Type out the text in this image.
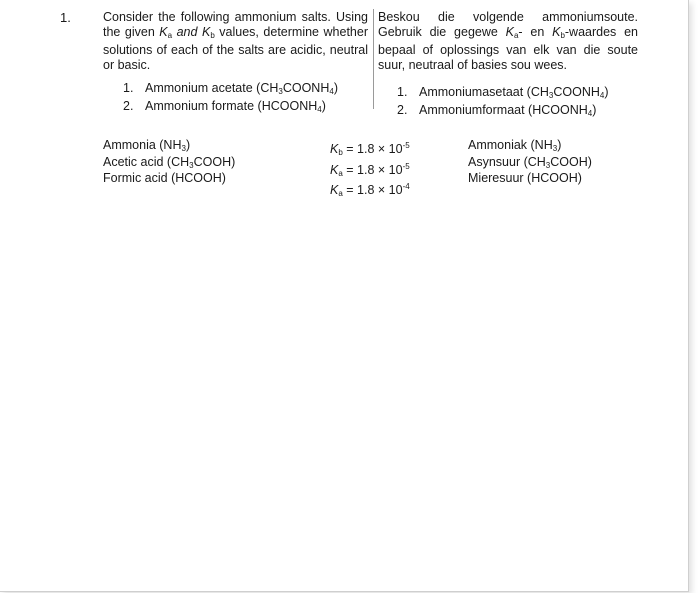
1.	Consider the following ammonium salts. Using the given $K_a$ and $K_b$ values, determine whether solutions of each of the salts are acidic, neutral or basic.
Beskou die volgende ammoniumsoute. Gebruik die gegewe $K_a-$ en $K_b$-waardes en bepaal of oplossings van elk van die soute suur, neutraal of basies sou wees.
1. Ammonium acetate $(CH_3COONH_4)$
2. Ammonium formate $(HCOONH_4)$
1. Ammoniumasetaat $(CH_3COONH_4)$
2. Ammoniumformaat $(HCOONH_4)$
Ammonia $(NH_3)$
Acetic acid $(CH_3COOH)$
Formic acid (HCOOH)
$K_b = 1.8 \times 10^{-5}$
$K_a = 1.8 \times 10^{-5}$
$K_a = 1.8 \times 10^{-4}$
Ammoniak $(NH_3)$
Asynsuur $(CH_3COOH)$
Mieresuur (HCOOH)
